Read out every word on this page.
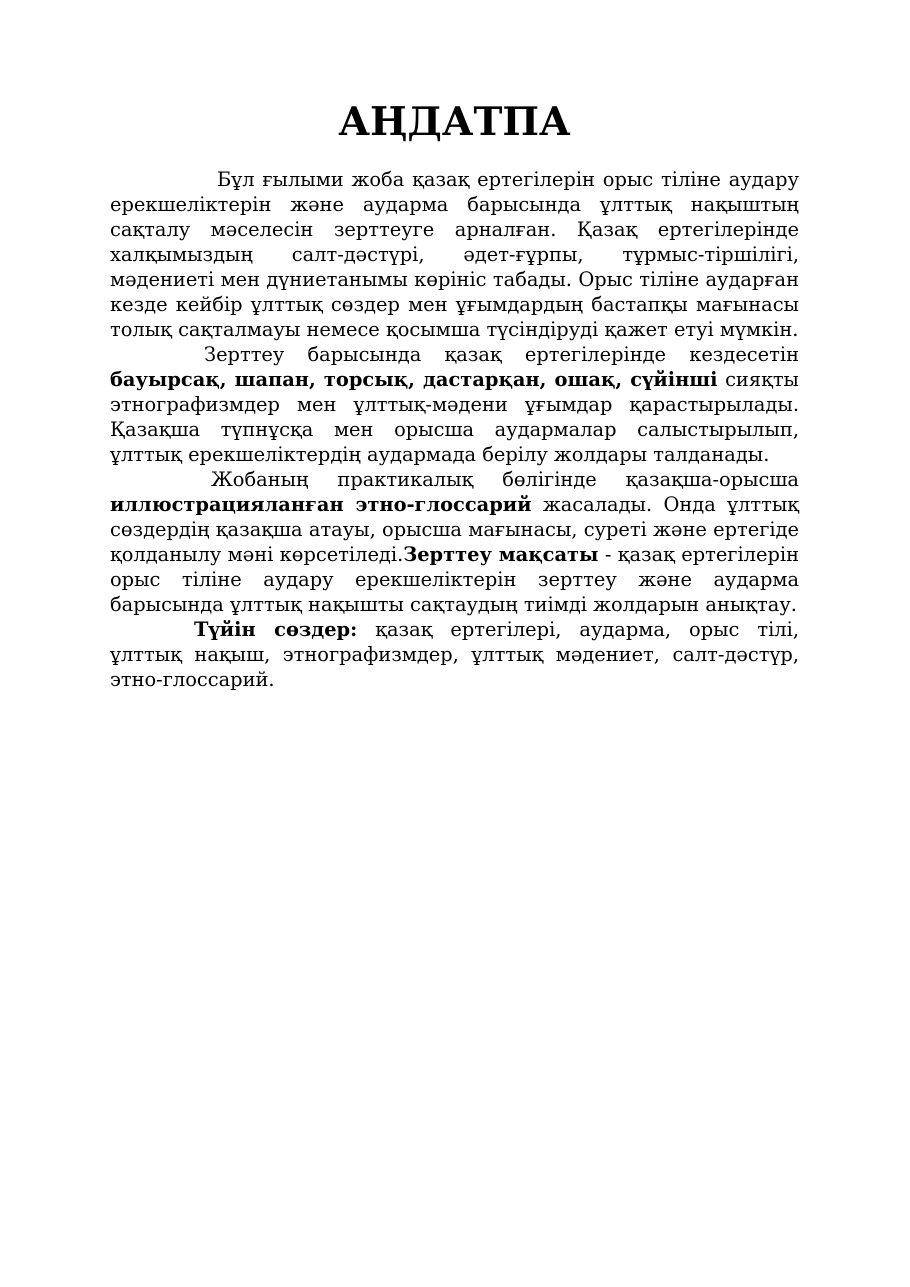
АҢДАТПА

Бұл ғылыми жоба қазақ ертегілерін орыс тіліне аудару ерекшеліктерін және аударма барысында ұлттық нақыштың сақталу мәселесін зерттеуге арналған. Қазақ ертегілерінде халқымыздың салт-дәстүрі, әдет-ғұрпы, тұрмыс-тіршілігі, мәдениеті мен дүниетанымы көрініс табады. Орыс тіліне аударған кезде кейбір ұлттық сөздер мен ұғымдардың бастапқы мағынасы толық сақталмауы немесе қосымша түсіндіруді қажет етуі мүмкін.

Зерттеу барысында қазақ ертегілерінде кездесетін бауырсақ, шапан, торсық, дастарқан, ошақ, сүйінші сияқты этнографизмдер мен ұлттық-мәдени ұғымдар қарастырылады. Қазақша түпнұсқа мен орысша аудармалар салыстырылып, ұлттық ерекшеліктердің аудармада берілу жолдары талданады.

Жобаның практикалық бөлігінде қазақша-орысша иллюстрацияланған этно-глоссарий жасалады. Онда ұлттық сөздердің қазақша атауы, орысша мағынасы, суреті және ертегіде қолданылу мәні көрсетіледі.Зерттеу мақсаты - қазақ ертегілерін орыс тіліне аудару ерекшеліктерін зерттеу және аударма барысында ұлттық нақышты сақтаудың тиімді жолдарын анықтау.

Түйін сөздер: қазақ ертегілері, аударма, орыс тілі, ұлттық нақыш, этнографизмдер, ұлттық мәдениет, салт-дәстүр, этно-глоссарий.
